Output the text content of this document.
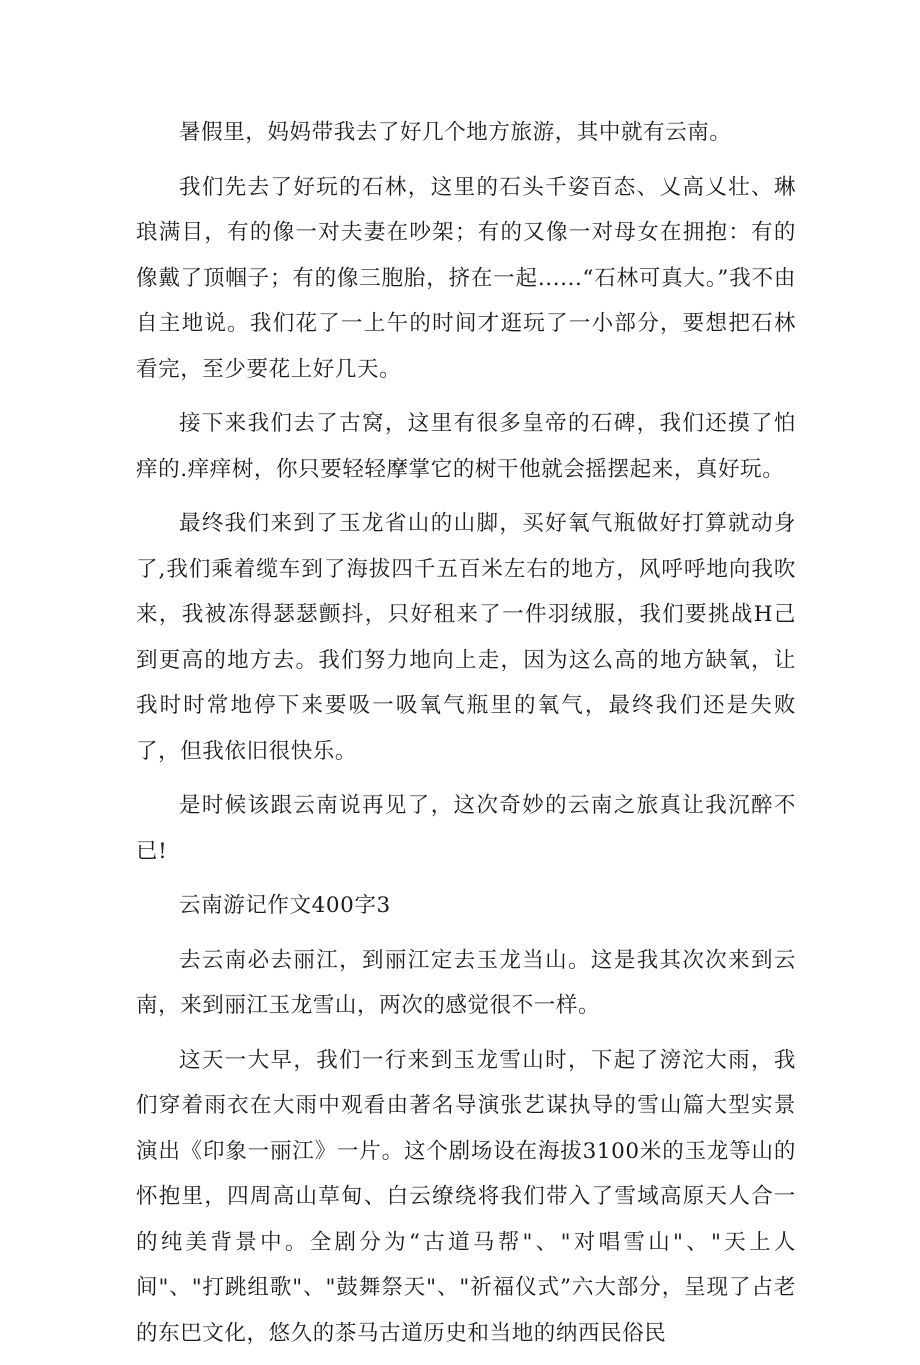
暑假里，妈妈带我去了好几个地方旅游，其中就有云南。

我们先去了好玩的石林，这里的石头千姿百态、乂高乂壮、琳琅满目，有的像一对夫妻在吵架；有的又像一对母女在拥抱：有的像戴了顶帼子；有的像三胞胎，挤在一起......“石林可真大。”我不由自主地说。我们花了一上午的时间才逛玩了一小部分，要想把石林看完，至少要花上好几天。

接下来我们去了古窝，这里有很多皇帝的石碑，我们还摸了怕痒的.痒痒树，你只要轻轻摩掌它的树干他就会摇摆起来，真好玩。

最终我们来到了玉龙省山的山脚，买好氧气瓶做好打算就动身了,我们乘着缆车到了海拔四千五百米左右的地方，风呼呼地向我吹来，我被冻得瑟瑟颤抖，只好租来了一件羽绒服，我们要挑战H己到更高的地方去。我们努力地向上走，因为这么高的地方缺氧，让我时时常地停下来要吸一吸氧气瓶里的氧气，最终我们还是失败了，但我依旧很快乐。

是时候该跟云南说再见了，这次奇妙的云南之旅真让我沉醉不已!

云南游记作文400字3

去云南必去丽江，到丽江定去玉龙当山。这是我其次次来到云南，来到丽江玉龙雪山，两次的感觉很不一样。

这天一大早，我们一行来到玉龙雪山时，下起了滂沱大雨，我们穿着雨衣在大雨中观看由著名导演张艺谋执导的雪山篇大型实景演出《印象一丽江》一片。这个剧场设在海拔3100米的玉龙等山的怀抱里，四周高山草甸、白云缭绕将我们带入了雪域高原天人合一的纯美背景中。全剧分为“古道马帮"、"对唱雪山"、"天上人间"、"打跳组歌"、"鼓舞祭天"、"祈福仪式”六大部分，呈现了占老的东巴文化，悠久的茶马古道历史和当地的纳西民俗民
